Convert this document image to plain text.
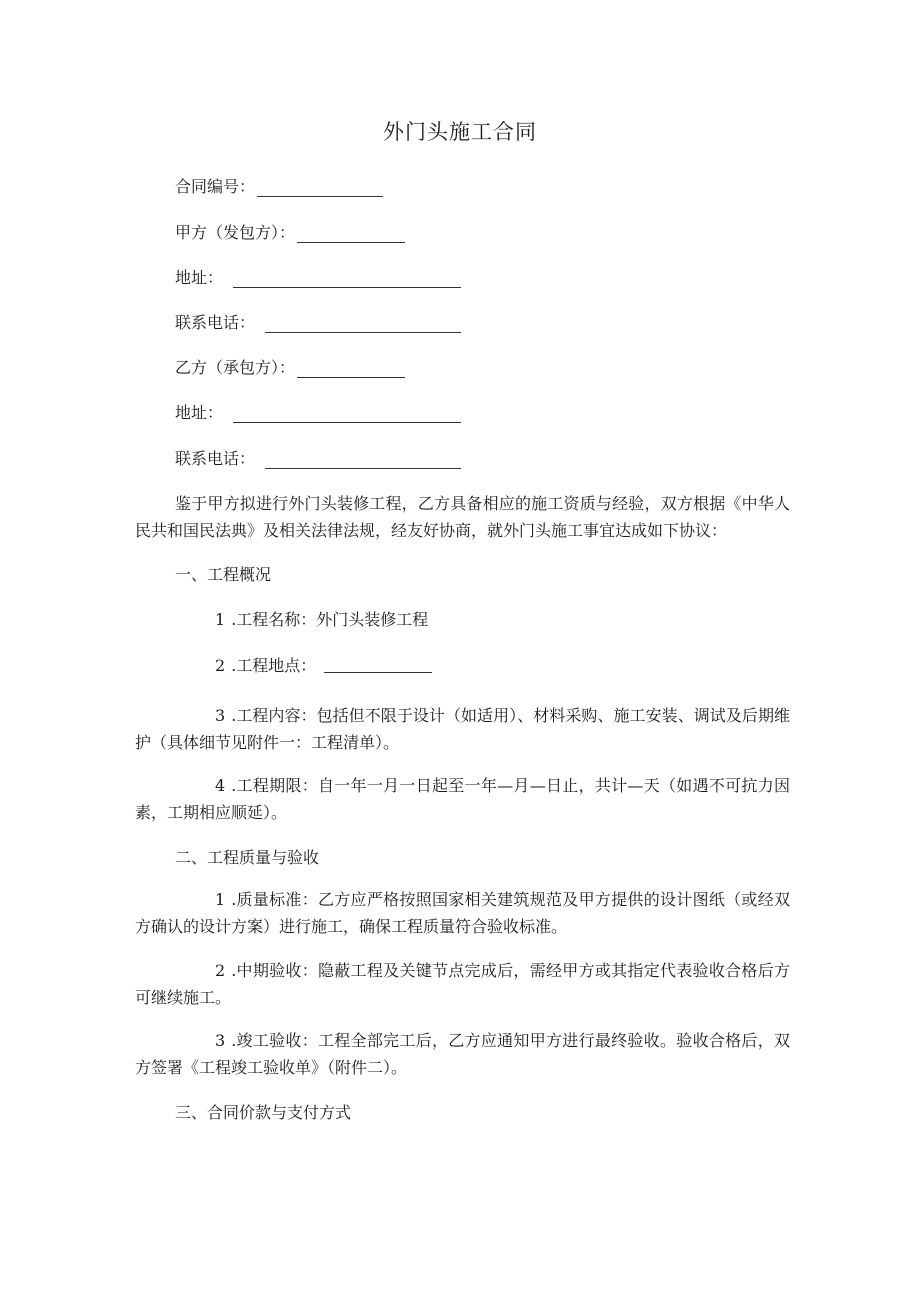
外门头施工合同
合同编号：
甲方（发包方）：
地址：
联系电话：
乙方（承包方）：
地址：
联系电话：

鉴于甲方拟进行外门头装修工程，乙方具备相应的施工资质与经验，双方根据《中华人民共和国民法典》及相关法律法规，经友好协商，就外门头施工事宜达成如下协议：

一、工程概况

1 .工程名称：外门头装修工程

2 .工程地点：

3 .工程内容：包括但不限于设计（如适用）、材料采购、施工安装、调试及后期维护（具体细节见附件一：工程清单）。

4 .工程期限：自一年一月一日起至一年—月—日止，共计—天（如遇不可抗力因素，工期相应顺延）。

二、工程质量与验收

1 .质量标准：乙方应严格按照国家相关建筑规范及甲方提供的设计图纸（或经双方确认的设计方案）进行施工，确保工程质量符合验收标准。

2 .中期验收：隐蔽工程及关键节点完成后，需经甲方或其指定代表验收合格后方可继续施工。

3 .竣工验收：工程全部完工后，乙方应通知甲方进行最终验收。验收合格后，双方签署《工程竣工验收单》（附件二）。

三、合同价款与支付方式
